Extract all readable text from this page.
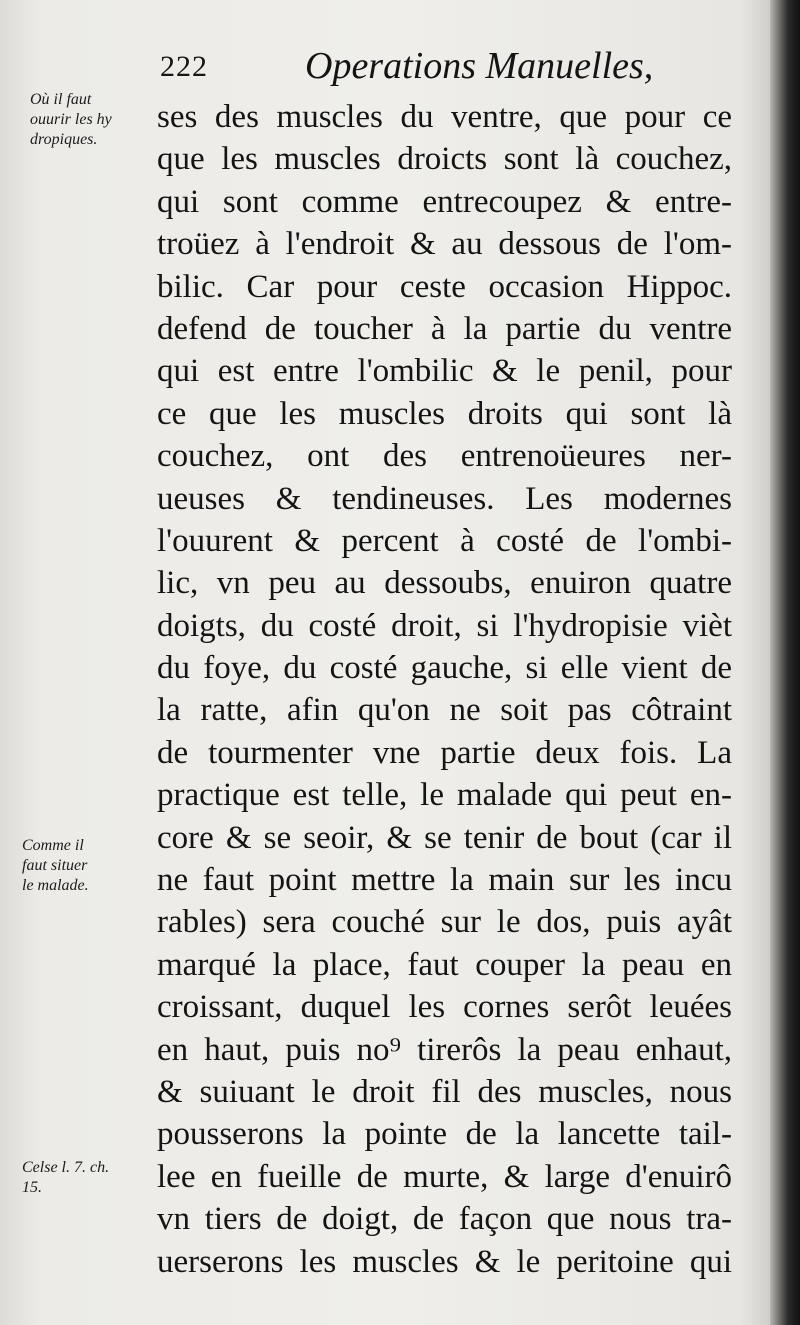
222	Operations Manuelles,
Où il faut
ouurir les hy
dropiques.
Comme il
faut situer
le malade.
Celse l. 7. ch.
15.
ses des muscles du ventre, que pour ce
que les muscles droicts sont là couchez,
qui sont comme entrecoupez & entre-
troüez à l'endroit & au dessous de l'om-
bilic. Car pour ceste occasion Hippoc.
defend de toucher à la partie du ventre
qui est entre l'ombilic & le penil, pour
ce que les muscles droits qui sont là
couchez, ont des entrenoüeures ner-
ueuses & tendineuses. Les modernes
l'ouurent & percent à costé de l'ombi-
lic, vn peu au dessoubs, enuiron quatre
doigts, du costé droit, si l'hydropisie vièt
du foye, du costé gauche, si elle vient de
la ratte, afin qu'on ne soit pas côtraint
de tourmenter vne partie deux fois. La
practique est telle, le malade qui peut en-
core & se seoir, & se tenir de bout (car il
ne faut point mettre la main sur les incu
rables) sera couché sur le dos, puis ayât
marqué la place, faut couper la peau en
croissant, duquel les cornes serôt leuées
en haut, puis no⁹ tirerôs la peau enhaut,
& suiuant le droit fil des muscles, nous
pousserons la pointe de la lancette tail-
lee en fueille de murte, & large d'enuirô
vn tiers de doigt, de façon que nous tra-
uerserons les muscles & le peritoine qui
